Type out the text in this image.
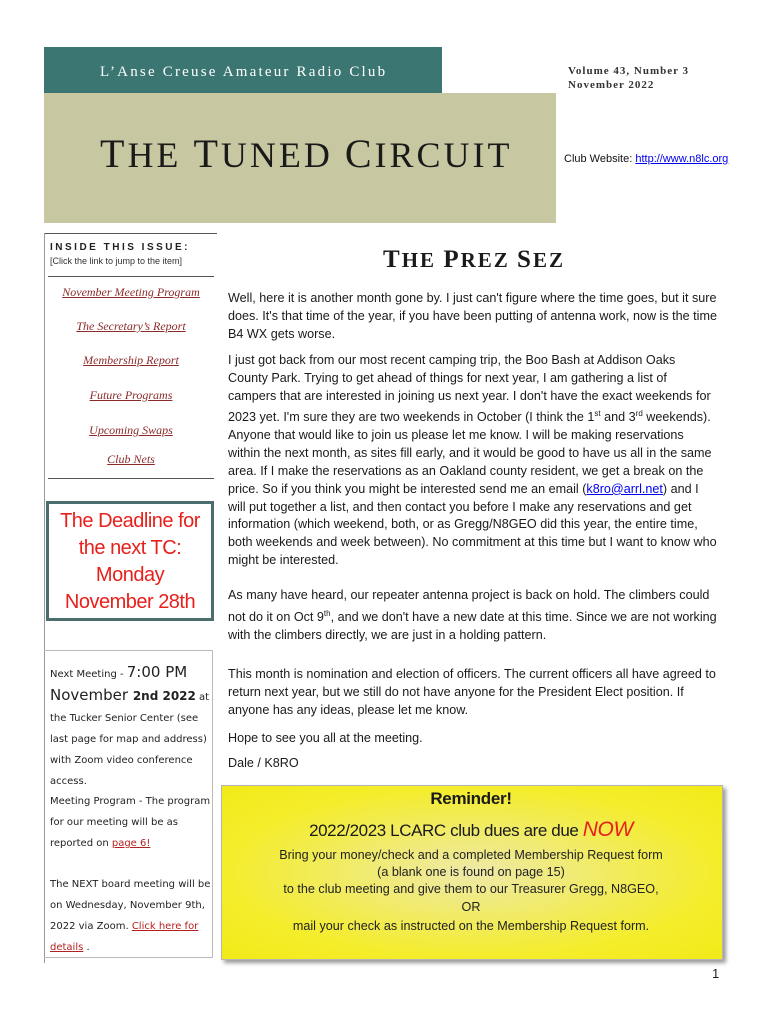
L’Anse Creuse Amateur Radio Club
THE TUNED CIRCUIT
Volume 43, Number 3
November 2022
Club Website: http://www.n8lc.org
INSIDE THIS ISSUE:
[Click the link to jump to the item]
November Meeting Program
The Secretary’s Report
Membership Report
Future Programs
Upcoming Swaps
Club Nets
The Deadline for
the next TC:
Monday
November 28th
Next Meeting - 7:00 PM
November 2nd 2022 at the Tucker Senior Center (see last page for map and address) with Zoom video conference access.
Meeting Program - The program for our meeting will be as reported on page 6!
The NEXT board meeting will be on Wednesday, November 9th, 2022 via Zoom. Click here for details .
THE PREZ SEZ
Well, here it is another month gone by. I just can't figure where the time goes, but it sure does. It's that time of the year, if you have been putting of antenna work, now is the time B4 WX gets worse.
I just got back from our most recent camping trip, the Boo Bash at Addison Oaks County Park. Trying to get ahead of things for next year, I am gathering a list of campers that are interested in joining us next year. I don't have the exact weekends for 2023 yet. I'm sure they are two weekends in October (I think the 1st and 3rd weekends). Anyone that would like to join us please let me know. I will be making reservations within the next month, as sites fill early, and it would be good to have us all in the same area. If I make the reservations as an Oakland county resident, we get a break on the price. So if you think you might be interested send me an email (k8ro@arrl.net) and I will put together a list, and then contact you before I make any reservations and get information (which weekend, both, or as Gregg/N8GEO did this year, the entire time, both weekends and week between). No commitment at this time but I want to know who might be interested.
As many have heard, our repeater antenna project is back on hold. The climbers could not do it on Oct 9th, and we don't have a new date at this time. Since we are not working with the climbers directly, we are just in a holding pattern.
This month is nomination and election of officers. The current officers all have agreed to return next year, but we still do not have anyone for the President Elect position. If anyone has any ideas, please let me know.
Hope to see you all at the meeting.
Dale / K8RO
Reminder!
2022/2023 LCARC club dues are due NOW
Bring your money/check and a completed Membership Request form
(a blank one is found on page 15)
to the club meeting and give them to our Treasurer Gregg, N8GEO,
OR
mail your check as instructed on the Membership Request form.
1
